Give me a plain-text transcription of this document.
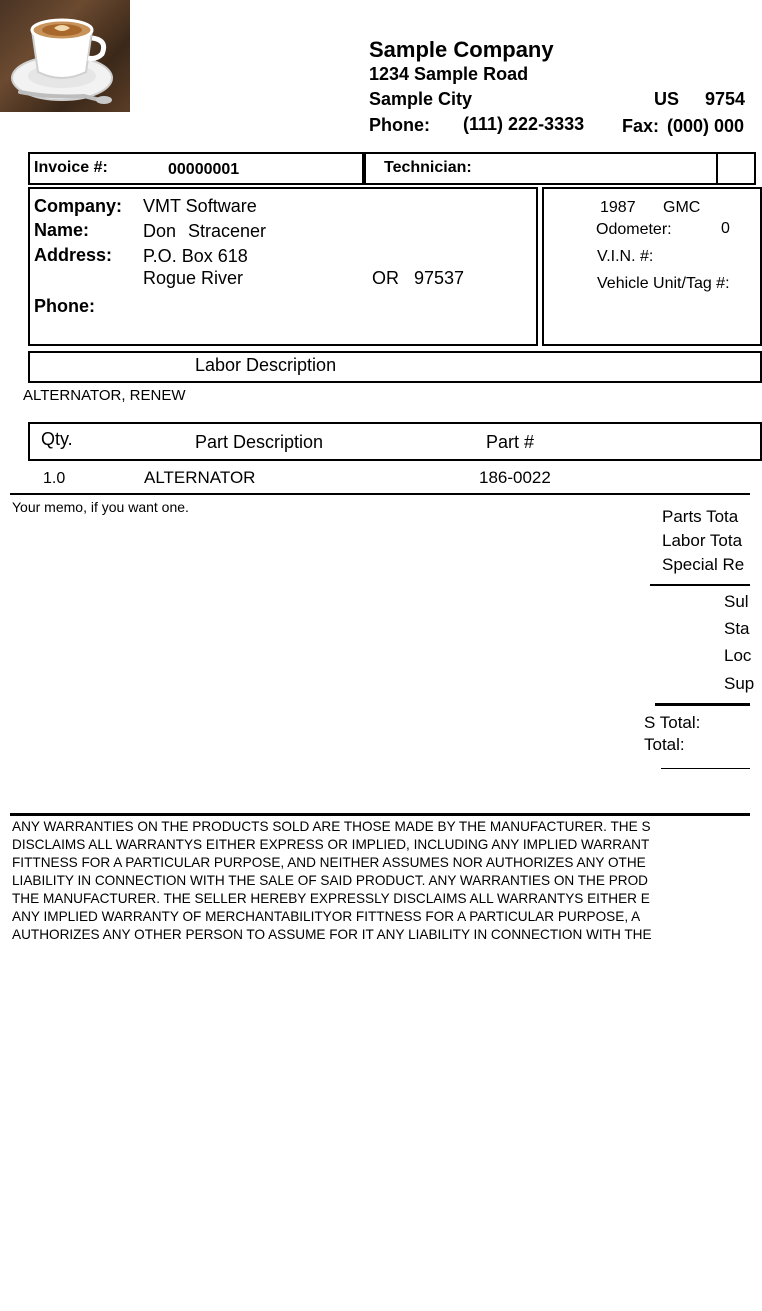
Sample Company
1234 Sample Road
Sample City	US 9754
Phone: (111) 222-3333 Fax: (000) 000
Invoice #:	00000001	Technician:
Company: VMT Software
Name:	Don Stracener
Address: P.O. Box 618
Rogue River	OR 97537
Phone:
1987 GMC
Odometer:	0
V.I.N. #:
Vehicle Unit/Tag #:
Labor Description
ALTERNATOR, RENEW
Qty.	Part Description	Part #
1.0	ALTERNATOR	186-0022
Your memo, if you want one.	Parts Tota
Labor Tota
Special Re
Sul
Sta
Loc
Sup
S Total:
Total:
ANY WARRANTIES ON THE PRODUCTS SOLD ARE THOSE MADE BY THE MANUFACTURER. THE S
DISCLAIMS ALL WARRANTYS EITHER EXPRESS OR IMPLIED, INCLUDING ANY IMPLIED WARRANT
FITTNESS FOR A PARTICULAR PURPOSE, AND NEITHER ASSUMES NOR AUTHORIZES ANY OTHE
LIABILITY IN CONNECTION WITH THE SALE OF SAID PRODUCT. ANY WARRANTIES ON THE PROD
THE MANUFACTURER. THE SELLER HEREBY EXPRESSLY DISCLAIMS ALL WARRANTYS EITHER E
ANY IMPLIED WARRANTY OF MERCHANTABILITYOR FITTNESS FOR A PARTICULAR PURPOSE, A
AUTHORIZES ANY OTHER PERSON TO ASSUME FOR IT ANY LIABILITY IN CONNECTION WITH THE
